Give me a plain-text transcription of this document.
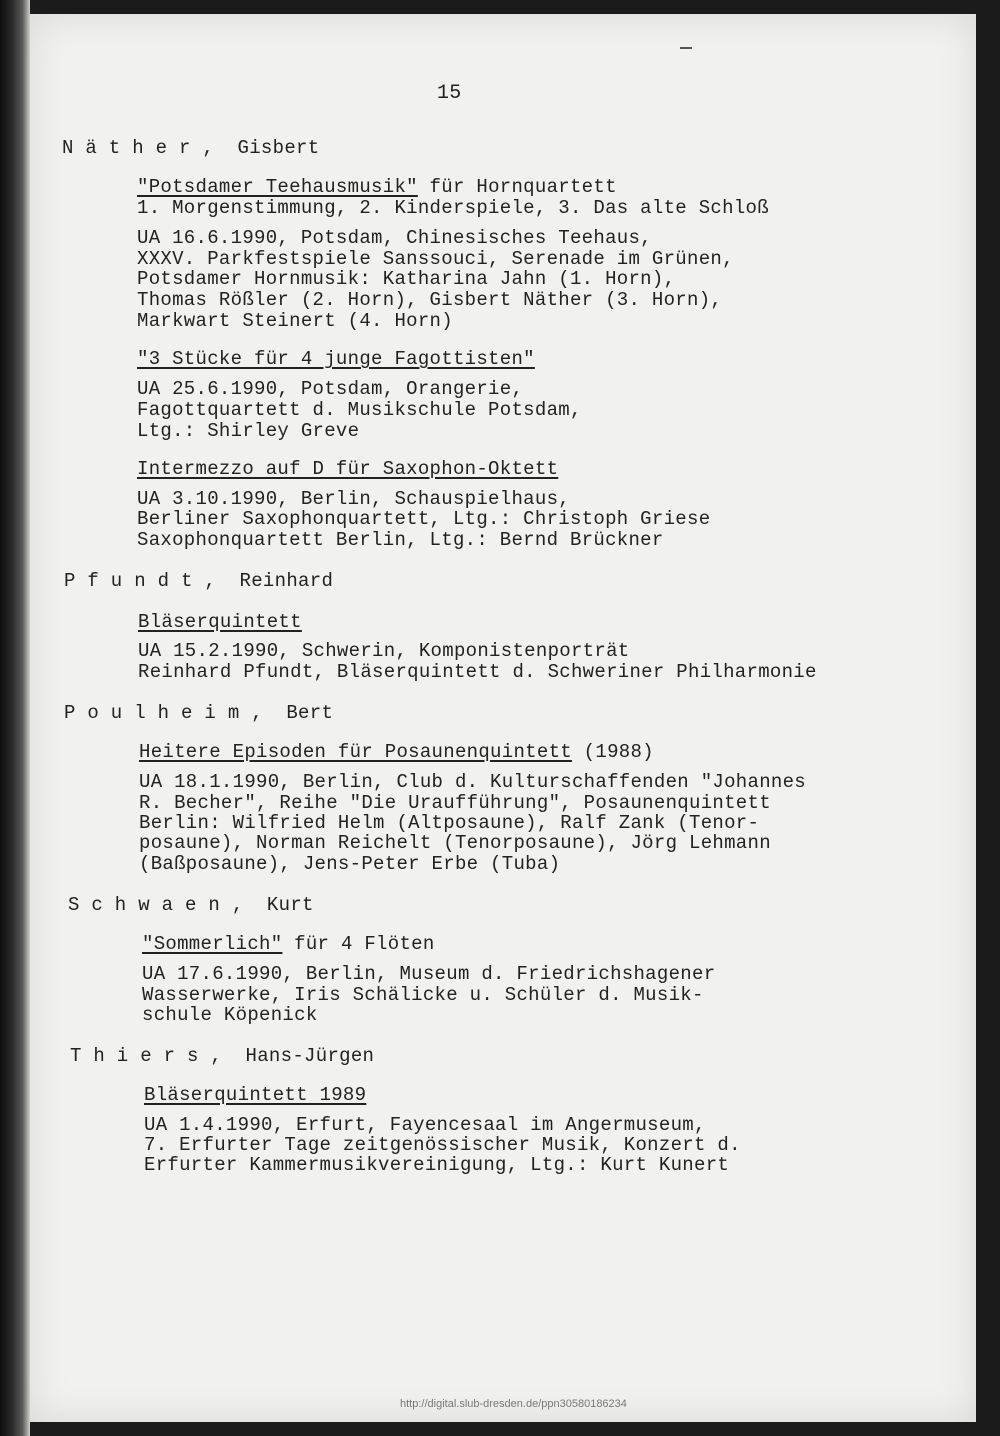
15
N ä t h e r ,  Gisbert
"Potsdamer Teehausmusik" für Hornquartett
1. Morgenstimmung, 2. Kinderspiele, 3. Das alte Schloß
UA 16.6.1990, Potsdam, Chinesisches Teehaus,
XXXV. Parkfestspiele Sanssouci, Serenade im Grünen,
Potsdamer Hornmusik: Katharina Jahn (1. Horn),
Thomas Rößler (2. Horn), Gisbert Näther (3. Horn),
Markwart Steinert (4. Horn)
"3 Stücke für 4 junge Fagottisten"
UA 25.6.1990, Potsdam, Orangerie,
Fagottquartett d. Musikschule Potsdam,
Ltg.: Shirley Greve
Intermezzo auf D für Saxophon-Oktett
UA 3.10.1990, Berlin, Schauspielhaus,
Berliner Saxophonquartett, Ltg.: Christoph Griese
Saxophonquartett Berlin, Ltg.: Bernd Brückner
P f u n d t ,  Reinhard
Bläserquintett
UA 15.2.1990, Schwerin, Komponistenporträt
Reinhard Pfundt, Bläserquintett d. Schweriner Philharmonie
P o u l h e i m ,  Bert
Heitere Episoden für Posaunenquintett (1988)
UA 18.1.1990, Berlin, Club d. Kulturschaffenden "Johannes
R. Becher", Reihe "Die Uraufführung", Posaunenquintett
Berlin: Wilfried Helm (Altposaune), Ralf Zank (Tenor-
posaune), Norman Reichelt (Tenorposaune), Jörg Lehmann
(Baßposaune), Jens-Peter Erbe (Tuba)
S c h w a e n ,  Kurt
"Sommerlich" für 4 Flöten
UA 17.6.1990, Berlin, Museum d. Friedrichshagener
Wasserwerke, Iris Schälicke u. Schüler d. Musik-
schule Köpenick
T h i e r s ,  Hans-Jürgen
Bläserquintett 1989
UA 1.4.1990, Erfurt, Fayencesaal im Angermuseum,
7. Erfurter Tage zeitgenössischer Musik, Konzert d.
Erfurter Kammermusikvereinigung, Ltg.: Kurt Kunert
http://digital.slub-dresden.de/ppn30580186234
